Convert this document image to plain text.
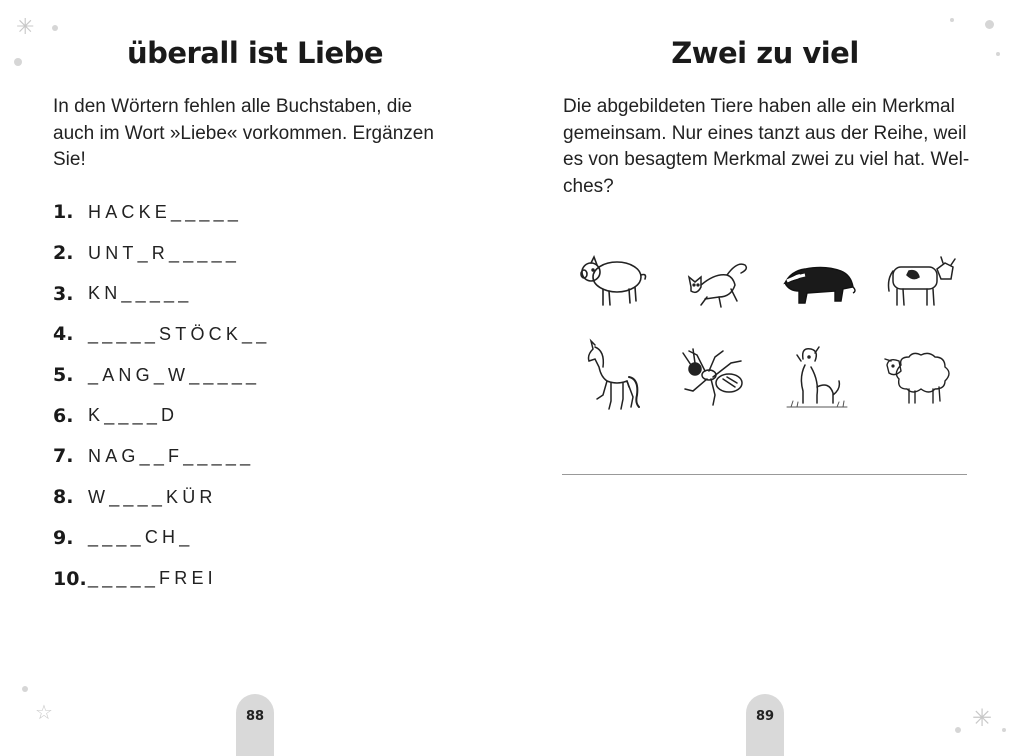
✳
☆	✳
überall ist Liebe
In den Wörtern fehlen alle Buchstaben, die auch im Wort »Liebe« vorkommen. Ergänzen Sie!
1. HACKE_____
2. UNT_R_____
3. KN_____
4. _____STÖCK__
5. _ANG_W_____
6. K____D
7. NAG__F_____
8. W____KÜR
9. ____CH_
10. _____FREI
88
Zwei zu viel
Die abgebildeten Tiere haben alle ein Merkmal gemeinsam. Nur eines tanzt aus der Reihe, weil es von besagtem Merkmal zwei zu viel hat. Wel-ches?
89
